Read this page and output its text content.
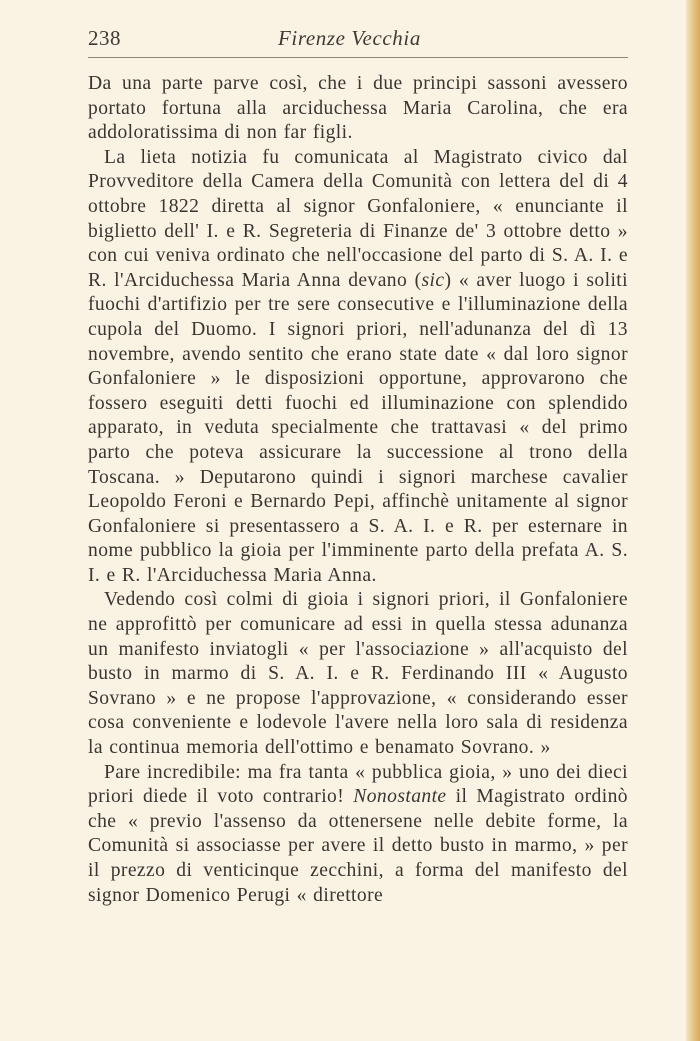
238	Firenze Vecchia

Da una parte parve così, che i due principi sassoni avessero portato fortuna alla arciduchessa Maria Carolina, che era addoloratissima di non far figli.

La lieta notizia fu comunicata al Magistrato civico dal Provveditore della Camera della Comunità con lettera del di 4 ottobre 1822 diretta al signor Gonfaloniere, « enunciante il biglietto dell' I. e R. Segreteria di Finanze de' 3 ottobre detto » con cui veniva ordinato che nell'occasione del parto di S. A. I. e R. l'Arciduchessa Maria Anna devano (sic) « aver luogo i soliti fuochi d'artifizio per tre sere consecutive e l'illuminazione della cupola del Duomo. I signori priori, nell'adunanza del dì 13 novembre, avendo sentito che erano state date « dal loro signor Gonfaloniere » le disposizioni opportune, approvarono che fossero eseguiti detti fuochi ed illuminazione con splendido apparato, in veduta specialmente che trattavasi « del primo parto che poteva assicurare la successione al trono della Toscana. » Deputarono quindi i signori marchese cavalier Leopoldo Feroni e Bernardo Pepi, affinchè unitamente al signor Gonfaloniere si presentassero a S. A. I. e R. per esternare in nome pubblico la gioia per l'imminente parto della prefata A. S. I. e R. l'Arciduchessa Maria Anna.

Vedendo così colmi di gioia i signori priori, il Gonfaloniere ne approfittò per comunicare ad essi in quella stessa adunanza un manifesto inviatogli « per l'associazione » all'acquisto del busto in marmo di S. A. I. e R. Ferdinando III « Augusto Sovrano » e ne propose l'approvazione, « considerando esser cosa conveniente e lodevole l'avere nella loro sala di residenza la continua memoria dell'ottimo e benamato Sovrano. »

Pare incredibile: ma fra tanta « pubblica gioia, » uno dei dieci priori diede il voto contrario! Nonostante il Magistrato ordinò che « previo l'assenso da ottenersene nelle debite forme, la Comunità si associasse per avere il detto busto in marmo, » per il prezzo di venticinque zecchini, a forma del manifesto del signor Domenico Perugi « direttore
